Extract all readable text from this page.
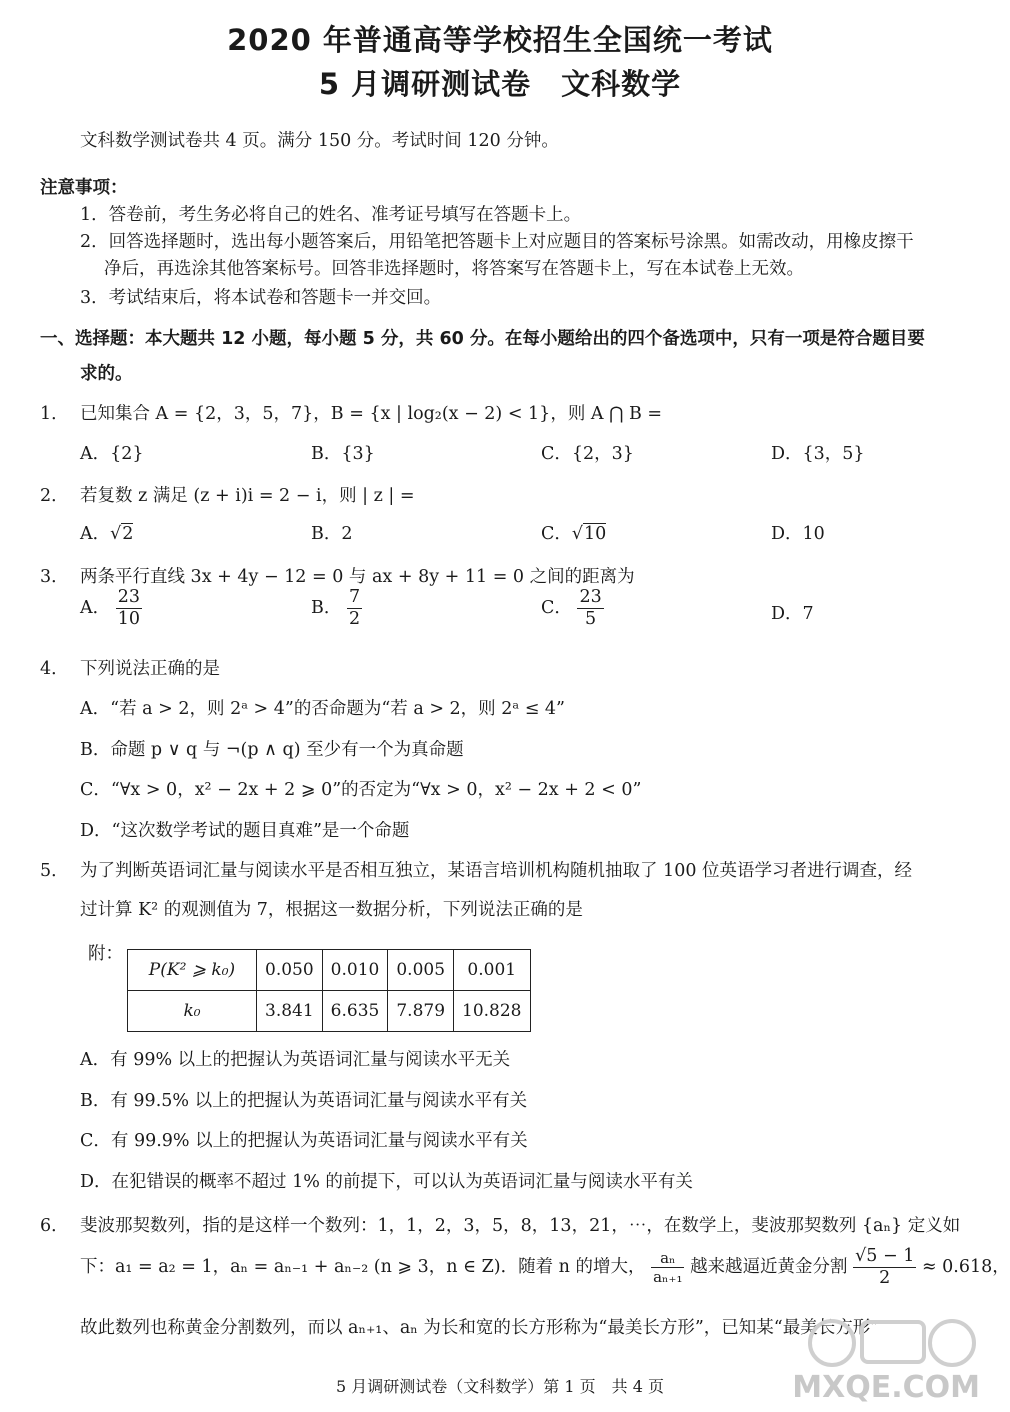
2020 年普通高等学校招生全国统一考试
5 月调研测试卷　文科数学
文科数学测试卷共 4 页。满分 150 分。考试时间 120 分钟。
注意事项：
1．答卷前，考生务必将自己的姓名、准考证号填写在答题卡上。
2．回答选择题时，选出每小题答案后，用铅笔把答题卡上对应题目的答案标号涂黑。如需改动，用橡皮擦干
净后，再选涂其他答案标号。回答非选择题时，将答案写在答题卡上，写在本试卷上无效。
3．考试结束后，将本试卷和答题卡一并交回。
一、选择题：本大题共 12 小题，每小题 5 分，共 60 分。在每小题给出的四个备选项中，只有一项是符合题目要
求的。
1． 已知集合 A = {2，3，5，7}，B = {x | log₂(x − 2) < 1}，则 A ⋂ B =
A．{2}	B．{3}	C．{2，3}	D．{3，5}
2． 若复数 z 满足 (z + i)i = 2 − i，则 | z | =
A．√2	B．2	C．√10	D．10
3． 两条平行直线 3x + 4y − 12 = 0 与 ax + 8y + 11 = 0 之间的距离为
A． $\frac{23}{10}$	B． $\frac{7}{2}$	C． $\frac{23}{5}$	D．7
4． 下列说法正确的是
A．“若 a > 2，则 2ᵃ > 4”的否命题为“若 a > 2，则 2ᵃ ≤ 4”
B．命题 p ∨ q 与 ¬(p ∧ q) 至少有一个为真命题
C．“∀x > 0，x² − 2x + 2 ⩾ 0”的否定为“∀x > 0，x² − 2x + 2 < 0”
D．“这次数学考试的题目真难”是一个命题
5． 为了判断英语词汇量与阅读水平是否相互独立，某语言培训机构随机抽取了 100 位英语学习者进行调查，经
过计算 K² 的观测值为 7，根据这一数据分析，下列说法正确的是
附：
P(K² ⩾ k₀)	0.050	0.010	0.005	0.001
k₀	3.841	6.635	7.879	10.828
A．有 99% 以上的把握认为英语词汇量与阅读水平无关
B．有 99.5% 以上的把握认为英语词汇量与阅读水平有关
C．有 99.9% 以上的把握认为英语词汇量与阅读水平有关
D．在犯错误的概率不超过 1% 的前提下，可以认为英语词汇量与阅读水平有关
6． 斐波那契数列，指的是这样一个数列：1，1，2，3，5，8，13，21，⋯，在数学上，斐波那契数列 {aₙ} 定义如
下：a₁ = a₂ = 1，aₙ = aₙ₋₁ + aₙ₋₂ (n ⩾ 3，n ∈ Z)．随着 n 的增大， $\frac{\text{aₙ}}{\text{aₙ₊₁}}$ 越来越逼近黄金分割 $\frac{√5 - 1}{2} \approx 0.618$，
故此数列也称黄金分割数列，而以 aₙ₊₁、aₙ 为长和宽的长方形称为“最美长方形”，已知某“最美长方形”
MXQE.COM
5 月调研测试卷（文科数学）第 1 页　共 4 页
